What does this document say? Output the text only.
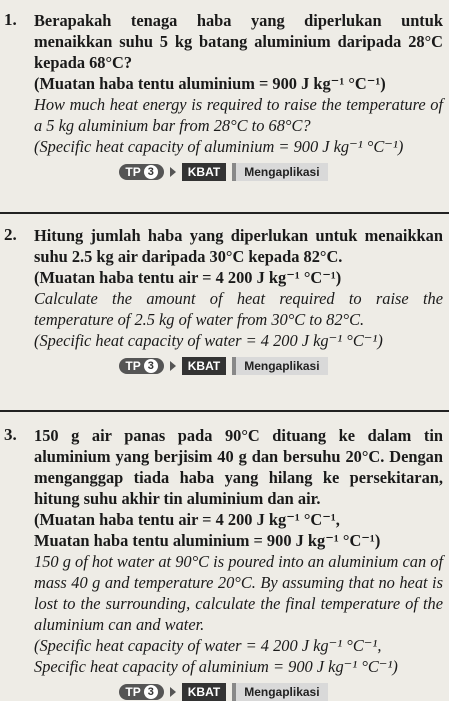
1.	Berapakah tenaga haba yang diperlukan untuk menaikkan suhu 5 kg batang aluminium daripada 28°C kepada 68°C?
(Muatan haba tentu aluminium = 900 J kg⁻¹ °C⁻¹)
How much heat energy is required to raise the temperature of a 5 kg aluminium bar from 28°C to 68°C?
(Specific heat capacity of aluminium = 900 J kg⁻¹ °C⁻¹)
TP 3	KBAT	Mengaplikasi
2.	Hitung jumlah haba yang diperlukan untuk menaikkan suhu 2.5 kg air daripada 30°C kepada 82°C.
(Muatan haba tentu air = 4 200 J kg⁻¹ °C⁻¹)
Calculate the amount of heat required to raise the temperature of 2.5 kg of water from 30°C to 82°C.
(Specific heat capacity of water = 4 200 J kg⁻¹ °C⁻¹)
TP 3	KBAT	Mengaplikasi
3.	150 g air panas pada 90°C dituang ke dalam tin aluminium yang berjisim 40 g dan bersuhu 20°C. Dengan menganggap tiada haba yang hilang ke persekitaran, hitung suhu akhir tin aluminium dan air.
(Muatan haba tentu air = 4 200 J kg⁻¹ °C⁻¹,
Muatan haba tentu aluminium = 900 J kg⁻¹ °C⁻¹)
150 g of hot water at 90°C is poured into an aluminium can of mass 40 g and temperature 20°C. By assuming that no heat is lost to the surrounding, calculate the final temperature of the aluminium can and water.
(Specific heat capacity of water = 4 200 J kg⁻¹ °C⁻¹,
Specific heat capacity of aluminium = 900 J kg⁻¹ °C⁻¹)
TP 3	KBAT	Mengaplikasi
